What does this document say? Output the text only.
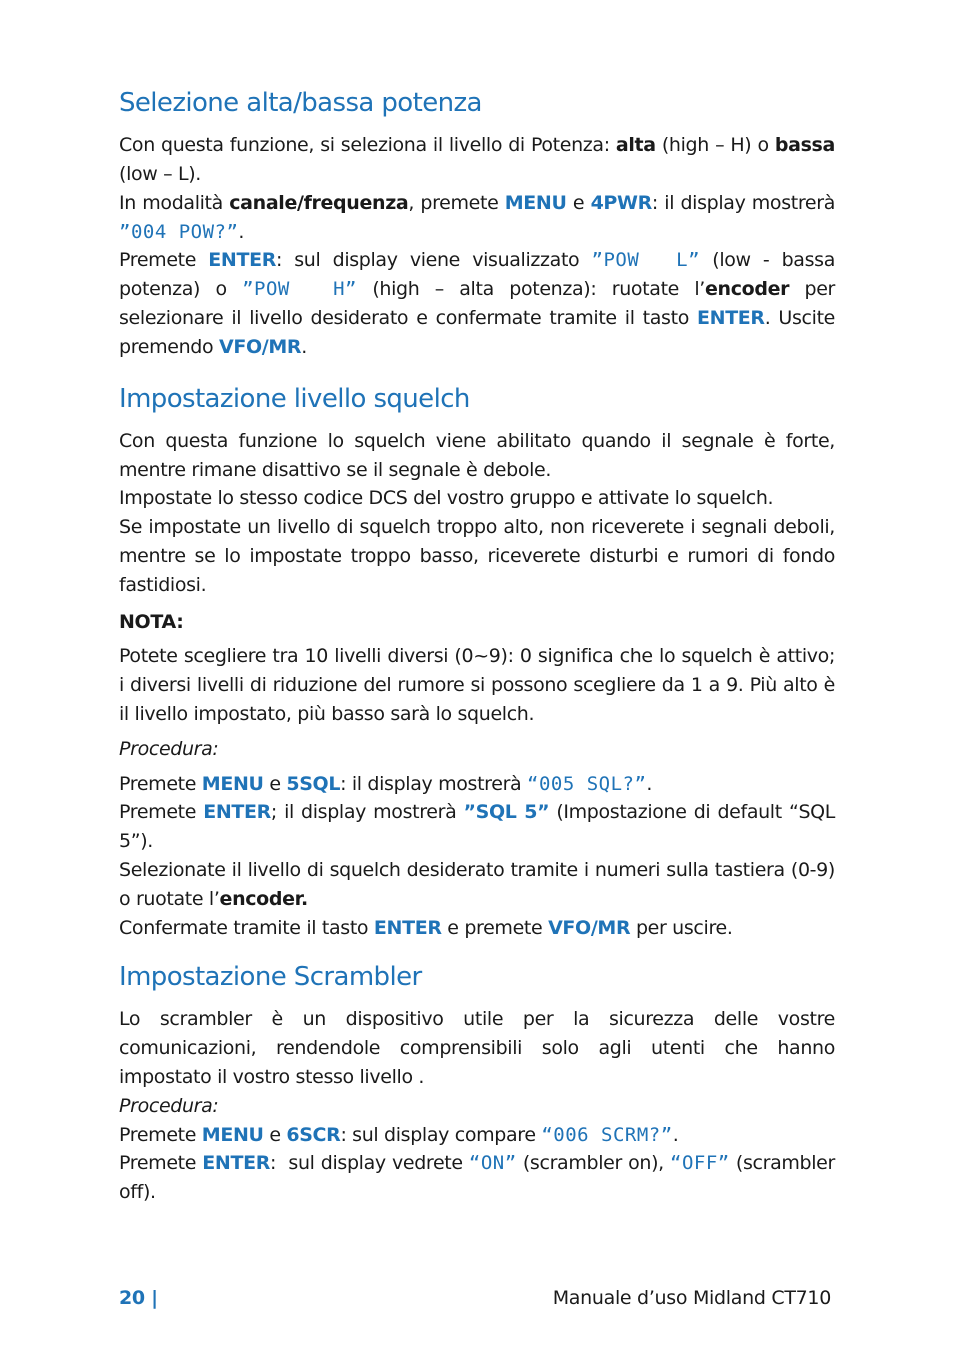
Selezione alta/bassa potenza

Con questa funzione, si seleziona il livello di Potenza: alta (high – H) o bassa (low – L).

In modalità canale/frequenza, premete MENU e 4PWR: il display mostrerà ”004 POW?”.

Premete ENTER: sul display viene visualizzato ”POW  L” (low - bassa potenza) o ”POW  H” (high – alta potenza): ruotate l’encoder per selezionare il livello desiderato e confermate tramite il tasto ENTER. Uscite premendo VFO/MR.

Impostazione livello squelch

Con questa funzione lo squelch viene abilitato quando il segnale è forte, mentre rimane disattivo se il segnale è debole.

Impostate lo stesso codice DCS del vostro gruppo e attivate lo squelch.

Se impostate un livello di squelch troppo alto, non riceverete i segnali deboli, mentre se lo impostate troppo basso, riceverete disturbi e rumori di fondo fastidiosi.

NOTA:

Potete scegliere tra 10 livelli diversi (0~9): 0 significa che lo squelch è attivo; i diversi livelli di riduzione del rumore si possono scegliere da 1 a 9. Più alto è il livello impostato, più basso sarà lo squelch.

Procedura:

Premete MENU e 5SQL: il display mostrerà “005 SQL?”.

Premete ENTER; il display mostrerà ”SQL 5” (Impostazione di default “SQL 5”).

Selezionate il livello di squelch desiderato tramite i numeri sulla tastiera (0-9) o ruotate l’encoder.

Confermate tramite il tasto ENTER e premete VFO/MR per uscire.

Impostazione Scrambler

Lo scrambler è un dispositivo utile per la sicurezza delle vostre comunicazioni, rendendole comprensibili solo agli utenti che hanno impostato il vostro stesso livello .

Procedura:

Premete MENU e 6SCR: sul display compare “006 SCRM?”.

Premete ENTER:  sul display vedrete “ON” (scrambler on), “OFF” (scrambler off).

20 |	Manuale d’uso Midland CT710
